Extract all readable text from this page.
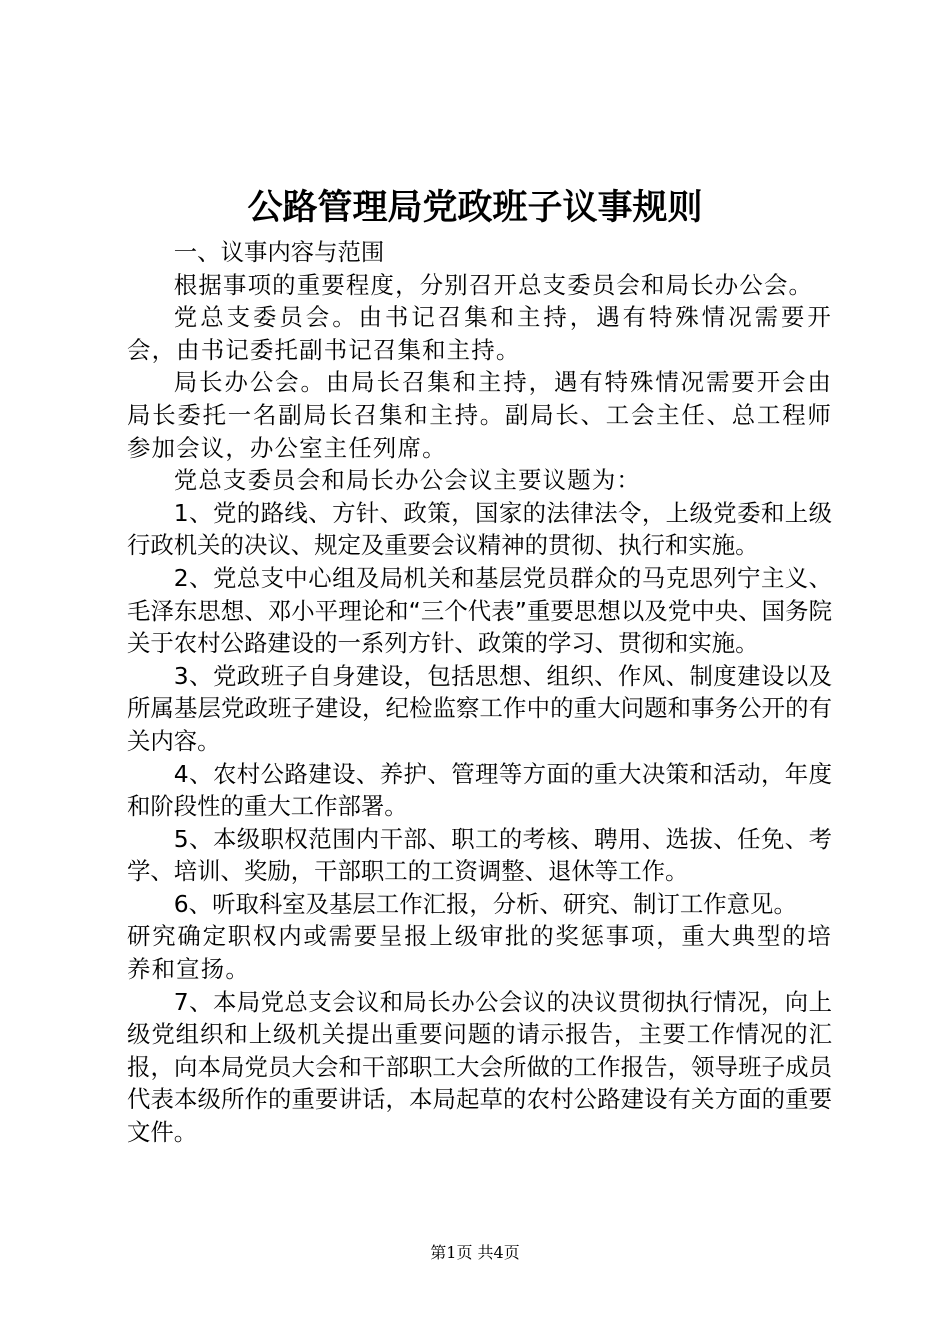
公路管理局党政班子议事规则

一、议事内容与范围

根据事项的重要程度，分别召开总支委员会和局长办公会。

党总支委员会。由书记召集和主持，遇有特殊情况需要开会，由书记委托副书记召集和主持。

局长办公会。由局长召集和主持，遇有特殊情况需要开会由局长委托一名副局长召集和主持。副局长、工会主任、总工程师参加会议，办公室主任列席。

党总支委员会和局长办公会议主要议题为：

1、党的路线、方针、政策，国家的法律法令，上级党委和上级行政机关的决议、规定及重要会议精神的贯彻、执行和实施。

2、党总支中心组及局机关和基层党员群众的马克思列宁主义、毛泽东思想、邓小平理论和“三个代表”重要思想以及党中央、国务院关于农村公路建设的一系列方针、政策的学习、贯彻和实施。

3、党政班子自身建设，包括思想、组织、作风、制度建设以及所属基层党政班子建设，纪检监察工作中的重大问题和事务公开的有关内容。

4、农村公路建设、养护、管理等方面的重大决策和活动，年度和阶段性的重大工作部署。

5、本级职权范围内干部、职工的考核、聘用、选拔、任免、考学、培训、奖励，干部职工的工资调整、退休等工作。

6、听取科室及基层工作汇报，分析、研究、制订工作意见。

研究确定职权内或需要呈报上级审批的奖惩事项，重大典型的培养和宣扬。

7、本局党总支会议和局长办公会议的决议贯彻执行情况，向上级党组织和上级机关提出重要问题的请示报告，主要工作情况的汇报，向本局党员大会和干部职工大会所做的工作报告，领导班子成员代表本级所作的重要讲话，本局起草的农村公路建设有关方面的重要文件。

第1页 共4页
